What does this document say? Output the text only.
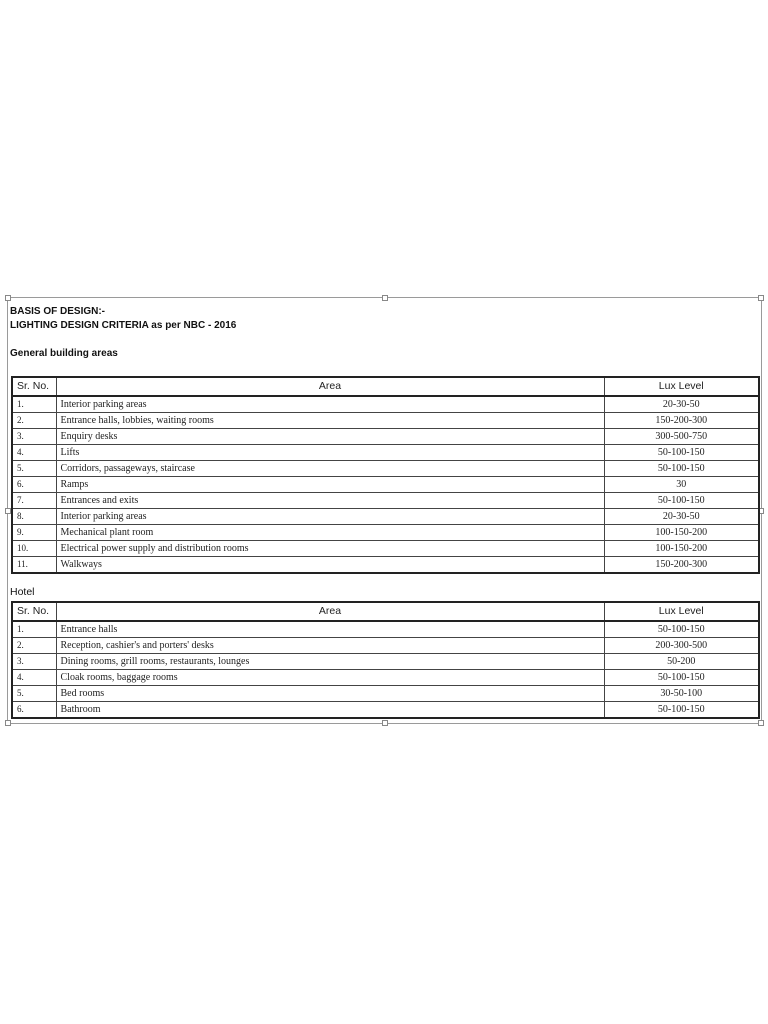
BASIS OF DESIGN:-
LIGHTING DESIGN CRITERIA as per NBC - 2016
General building areas
Sr. No.	Area	Lux Level
1.	Interior parking areas	20-30-50
2.	Entrance halls, lobbies, waiting rooms	150-200-300
3.	Enquiry desks	300-500-750
4.	Lifts	50-100-150
5.	Corridors, passageways, staircase	50-100-150
6.	Ramps	30
7.	Entrances and exits	50-100-150
8.	Interior parking areas	20-30-50
9.	Mechanical plant room	100-150-200
10.	Electrical power supply and distribution rooms	100-150-200
11.	Walkways	150-200-300
Hotel
Sr. No.	Area	Lux Level
1.	Entrance halls	50-100-150
2.	Reception, cashier's and porters' desks	200-300-500
3.	Dining rooms, grill rooms, restaurants, lounges	50-200
4.	Cloak rooms, baggage rooms	50-100-150
5.	Bed rooms	30-50-100
6.	Bathroom	50-100-150
